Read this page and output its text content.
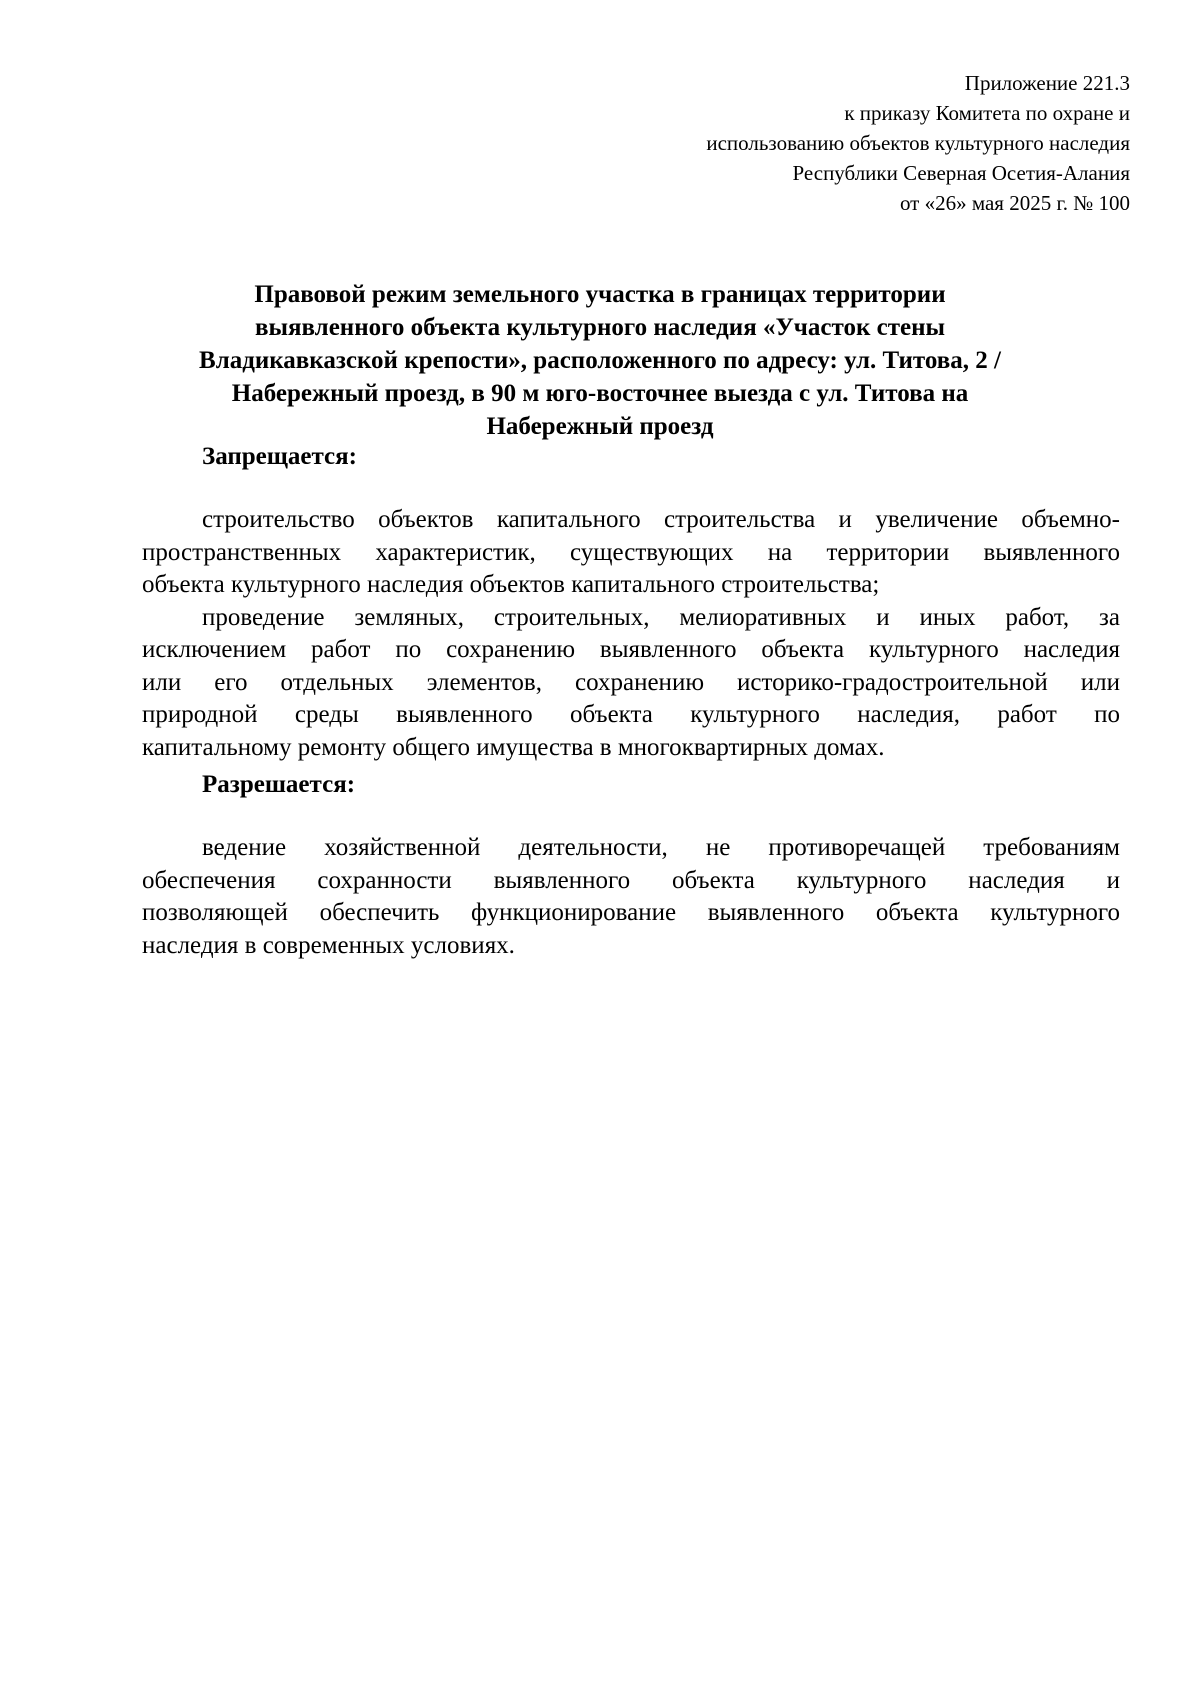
Приложение 221.3
к приказу Комитета по охране и
использованию объектов культурного наследия
Республики Северная Осетия-Алания
от «26» мая 2025 г. № 100
Правовой режим земельного участка в границах территории
выявленного объекта культурного наследия «Участок стены
Владикавказской крепости», расположенного по адресу: ул. Титова, 2 /
Набережный проезд, в 90 м юго-восточнее выезда с ул. Титова на
Набережный проезд
Запрещается:
строительство объектов капитального строительства и увеличение объемно-
пространственных характеристик, существующих на территории выявленного
объекта культурного наследия объектов капитального строительства;
проведение земляных, строительных, мелиоративных и иных работ, за
исключением работ по сохранению выявленного объекта культурного наследия
или его отдельных элементов, сохранению историко-градостроительной или
природной среды выявленного объекта культурного наследия, работ по
капитальному ремонту общего имущества в многоквартирных домах.
Разрешается:
ведение хозяйственной деятельности, не противоречащей требованиям
обеспечения сохранности выявленного объекта культурного наследия и
позволяющей обеспечить функционирование выявленного объекта культурного
наследия в современных условиях.
